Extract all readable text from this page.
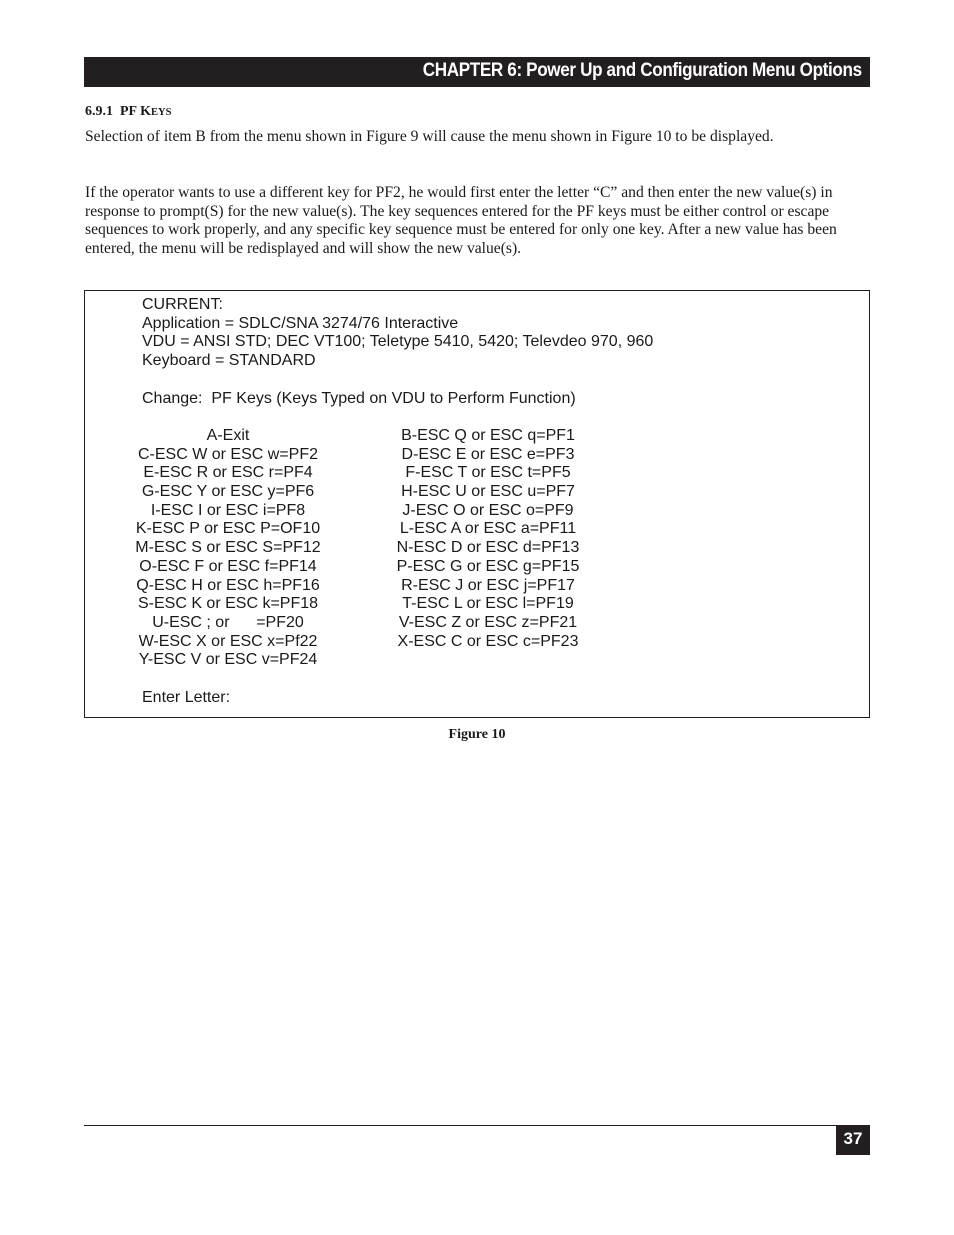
CHAPTER 6: Power Up and Configuration Menu Options
6.9.1 PF KEYS

Selection of item B from the menu shown in Figure 9 will cause the menu shown in Figure 10 to be displayed.

If the operator wants to use a different key for PF2, he would first enter the letter “C” and then enter the new value(s) in response to prompt(S) for the new value(s). The key sequences entered for the PF keys must be either control or escape sequences to work properly, and any specific key sequence must be entered for only one key. After a new value has been entered, the menu will be redisplayed and will show the new value(s).

CURRENT:
Application = SDLC/SNA 3274/76 Interactive
VDU = ANSI STD; DEC VT100; Teletype 5410, 5420; Televdeo 970, 960
Keyboard = STANDARD
Change:  PF Keys (Keys Typed on VDU to Perform Function)
A-Exit
C-ESC W or ESC w=PF2
E-ESC R or ESC r=PF4
G-ESC Y or ESC y=PF6
I-ESC I or ESC i=PF8
K-ESC P or ESC P=OF10
M-ESC S or ESC S=PF12
O-ESC F or ESC f=PF14
Q-ESC H or ESC h=PF16
S-ESC K or ESC k=PF18
U-ESC ; or      =PF20
W-ESC X or ESC x=Pf22
Y-ESC V or ESC v=PF24
B-ESC Q or ESC q=PF1
D-ESC E or ESC e=PF3
F-ESC T or ESC t=PF5
H-ESC U or ESC u=PF7
J-ESC O or ESC o=PF9
L-ESC A or ESC a=PF11
N-ESC D or ESC d=PF13
P-ESC G or ESC g=PF15
R-ESC J or ESC j=PF17
T-ESC L or ESC l=PF19
V-ESC Z or ESC z=PF21
X-ESC C or ESC c=PF23
Enter Letter:
Figure 10
37
